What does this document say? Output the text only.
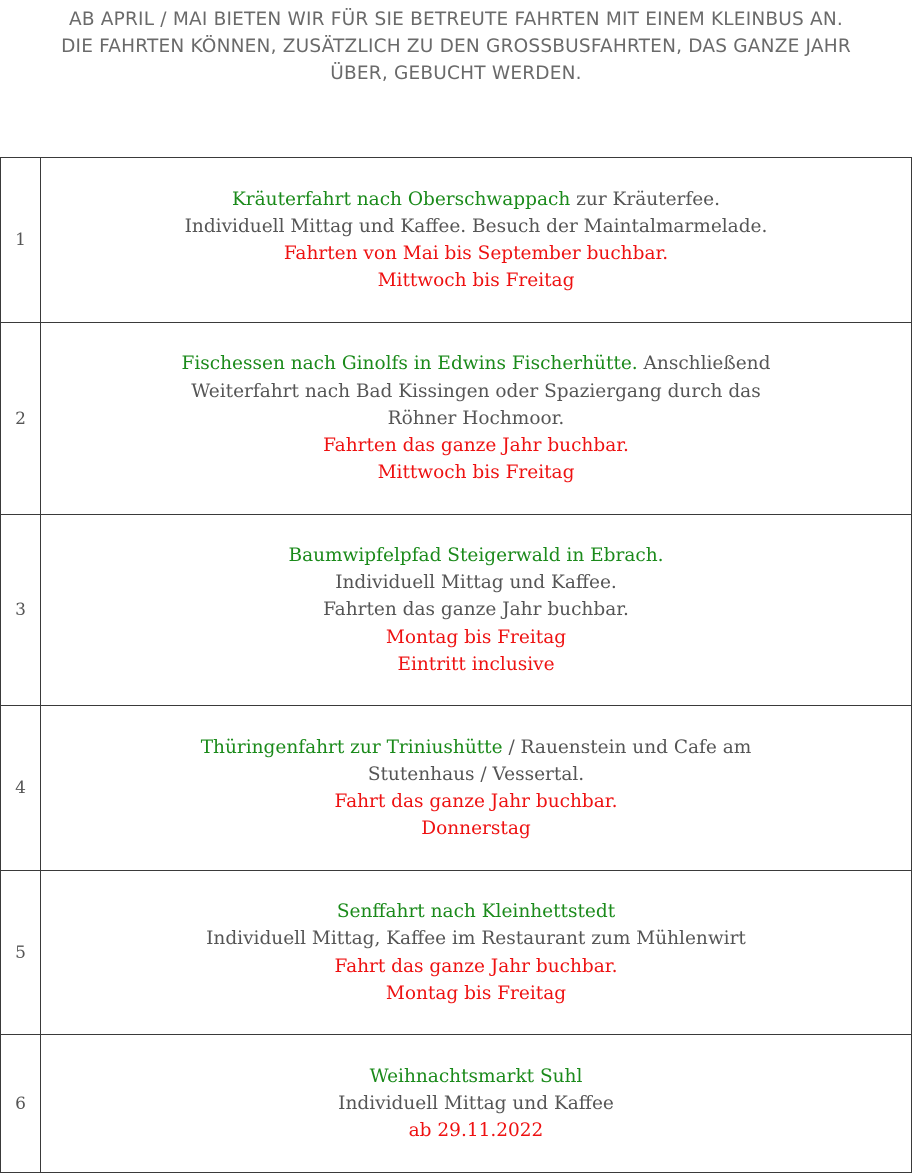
AB APRIL / MAI BIETEN WIR FÜR SIE BETREUTE FAHRTEN MIT EINEM KLEINBUS AN.
DIE FAHRTEN KÖNNEN, ZUSÄTZLICH ZU DEN GROSSBUSFAHRTEN, DAS GANZE JAHR
ÜBER, GEBUCHT WERDEN.
1	Kräuterfahrt nach Oberschwappach zur Kräuterfee.
Individuell Mittag und Kaffee. Besuch der Maintalmarmelade.
Fahrten von Mai bis September buchbar.
Mittwoch bis Freitag

2	Fischessen nach Ginolfs in Edwins Fischerhütte. Anschließend
Weiterfahrt nach Bad Kissingen oder Spaziergang durch das
Röhner Hochmoor.
Fahrten das ganze Jahr buchbar.
Mittwoch bis Freitag

3	Baumwipfelpfad Steigerwald in Ebrach.
Individuell Mittag und Kaffee.
Fahrten das ganze Jahr buchbar.
Montag bis Freitag
Eintritt inclusive

4	Thüringenfahrt zur Triniushütte / Rauenstein und Cafe am
Stutenhaus / Vessertal.
Fahrt das ganze Jahr buchbar.
Donnerstag

5	Senffahrt nach Kleinhettstedt
Individuell Mittag, Kaffee im Restaurant zum Mühlenwirt
Fahrt das ganze Jahr buchbar.
Montag bis Freitag

6	Weihnachtsmarkt Suhl
Individuell Mittag und Kaffee
ab 29.11.2022
